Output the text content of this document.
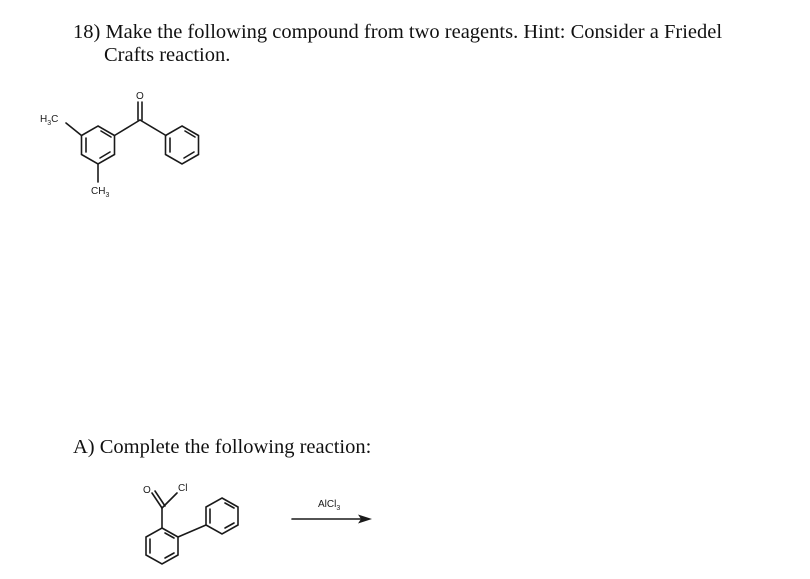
18) Make the following compound from two reagents. Hint: Consider a Friedel
Crafts reaction.
O
$H_3C$
$CH_3$
O	Cl
AlCl$_3$
A) Complete the following reaction:
